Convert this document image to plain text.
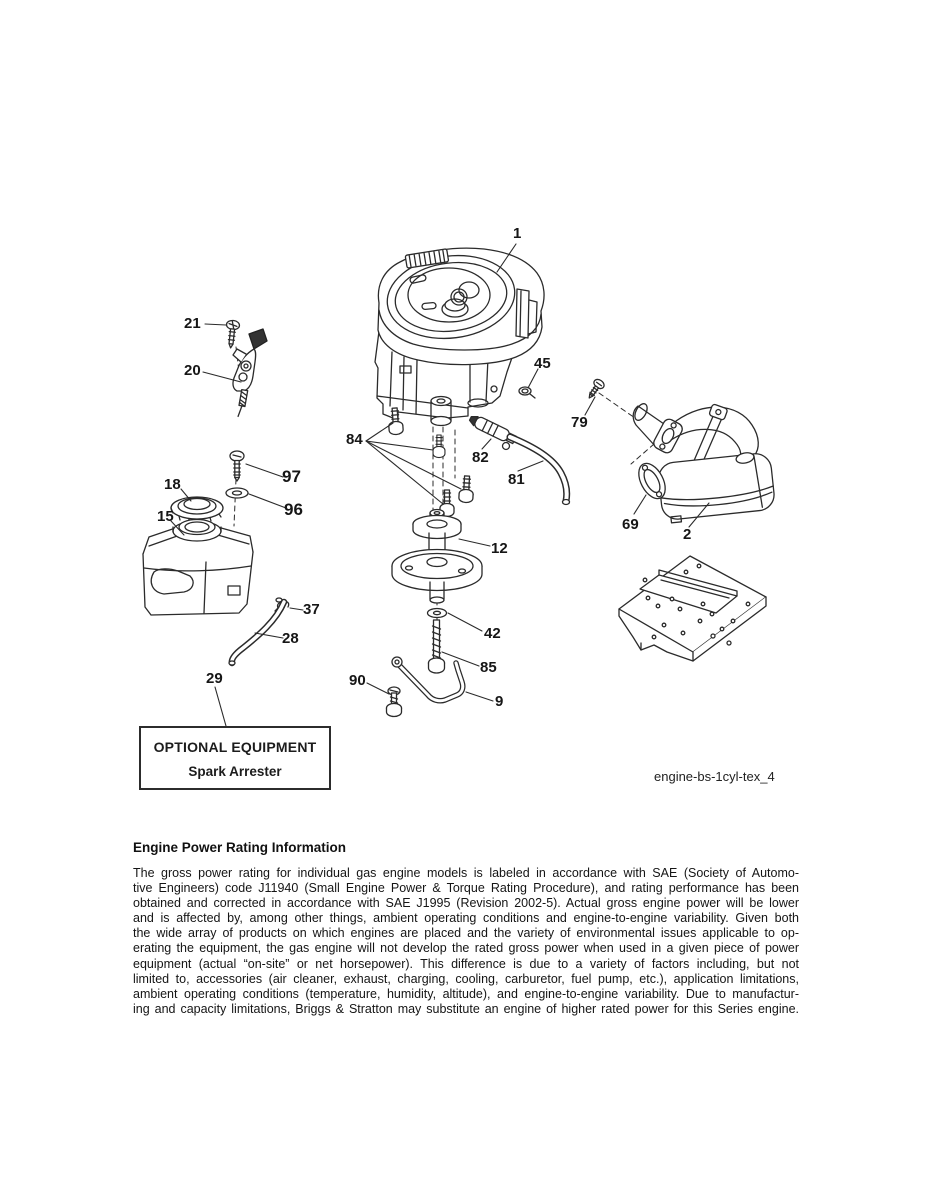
1
21
20	45
79
84
82
81
97
96
18
15	69
2
12
37
28	42
29
85
90
9
OPTIONAL EQUIPMENT
Spark Arrester	engine-bs-1cyl-tex_4
Engine Power Rating Information
The gross power rating for individual gas engine models is labeled in accordance with SAE (Society of Automo-
tive Engineers) code J11940 (Small Engine Power & Torque Rating Procedure), and rating performance has been
obtained and corrected in accordance with SAE J1995 (Revision 2002-5). Actual gross engine power will be lower
and is affected by, among other things, ambient operating conditions and engine-to-engine variability. Given both
the wide array of products on which engines are placed and the variety of environmental issues applicable to op-
erating the equipment, the gas engine will not develop the rated gross power when used in a given piece of power
equipment (actual “on-site” or net horsepower). This difference is due to a variety of factors including, but not
limited to, accessories (air cleaner, exhaust, charging, cooling, carburetor, fuel pump, etc.), application limitations,
ambient operating conditions (temperature, humidity, altitude), and engine-to-engine variability. Due to manufactur-
ing and capacity limitations, Briggs & Stratton may substitute an engine of higher rated power for this Series engine.
